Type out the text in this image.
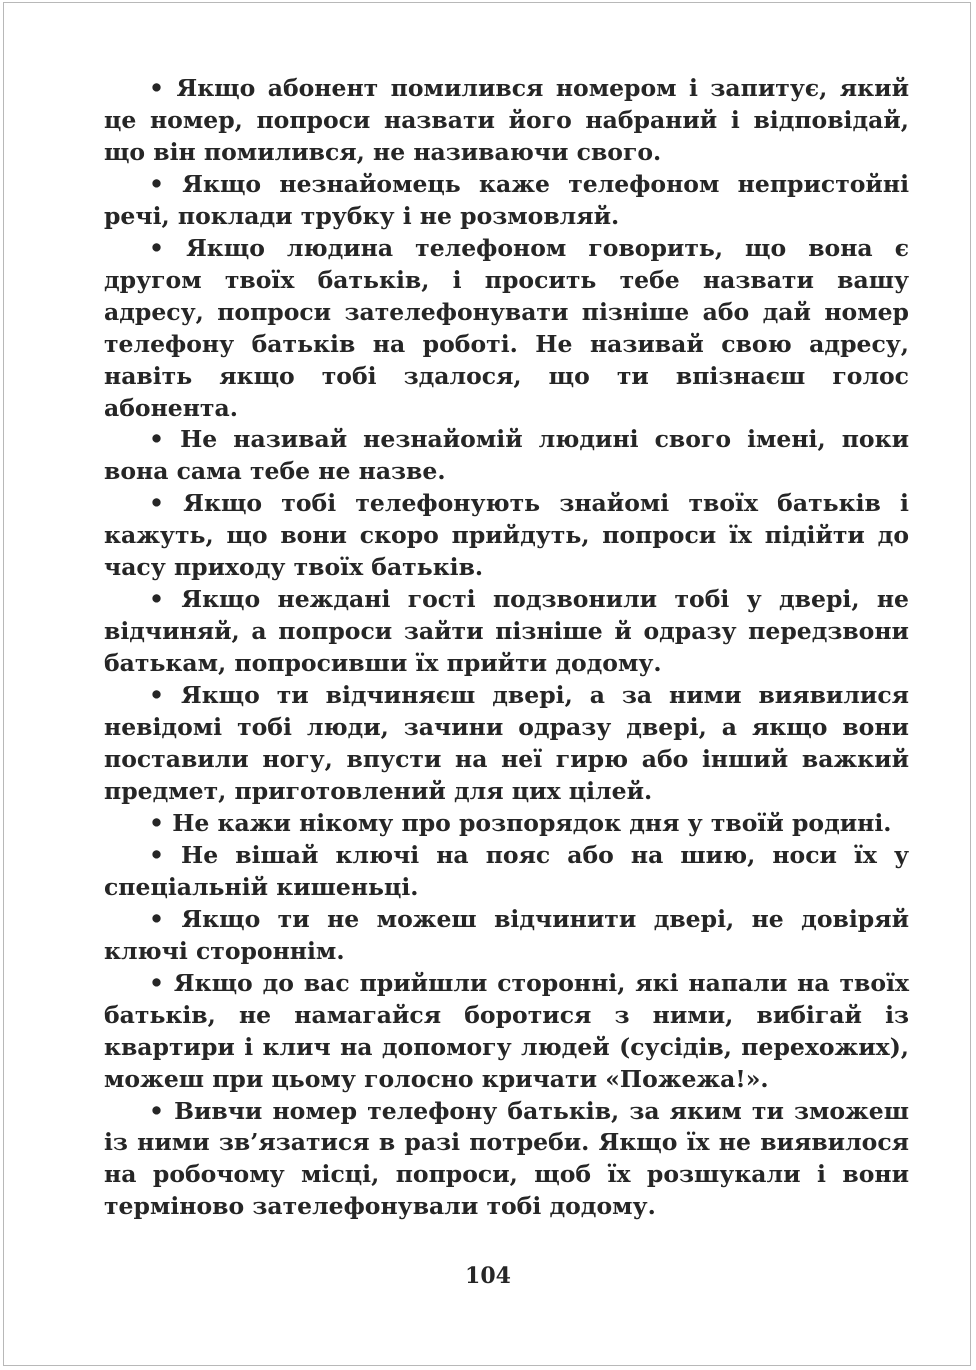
• Якщо абонент помилився номером і запитує, який це номер, попроси назвати його набраний і відповідай, що він помилився, не називаючи свого.

• Якщо незнайомець каже телефоном непристойні речі, поклади трубку і не розмовляй.

• Якщо людина телефоном говорить, що вона є другом твоїх батьків, і просить тебе назвати вашу адресу, попроси зателефонувати пізніше або дай номер телефону батьків на роботі. Не називай свою адресу, навіть якщо тобі здалося, що ти впізнаєш голос абонента.

• Не називай незнайомій людині свого імені, поки вона сама тебе не назве.

• Якщо тобі телефонують знайомі твоїх батьків і кажуть, що вони скоро прийдуть, попроси їх підійти до часу приходу твоїх батьків.

• Якщо неждані гості подзвонили тобі у двері, не відчиняй, а попроси зайти пізніше й одразу передзвони батькам, попросивши їх прийти додому.

• Якщо ти відчиняєш двері, а за ними виявилися невідомі тобі люди, зачини одразу двері, а якщо вони поставили ногу, впусти на неї гирю або інший важкий предмет, приготовлений для цих цілей.

• Не кажи нікому про розпорядок дня у твоїй родині.

• Не вішай ключі на пояс або на шию, носи їх у спеціальній кишеньці.

• Якщо ти не можеш відчинити двері, не довіряй ключі стороннім.

• Якщо до вас прийшли сторонні, які напали на твоїх батьків, не намагайся боротися з ними, вибігай із квартири і клич на допомогу людей (сусідів, перехожих), можеш при цьому голосно кричати «Пожежа!».

• Вивчи номер телефону батьків, за яким ти зможеш із ними зв’язатися в разі потреби. Якщо їх не виявилося на робочому місці, попроси, щоб їх розшукали і вони терміново зателефонували тобі додому.

104
